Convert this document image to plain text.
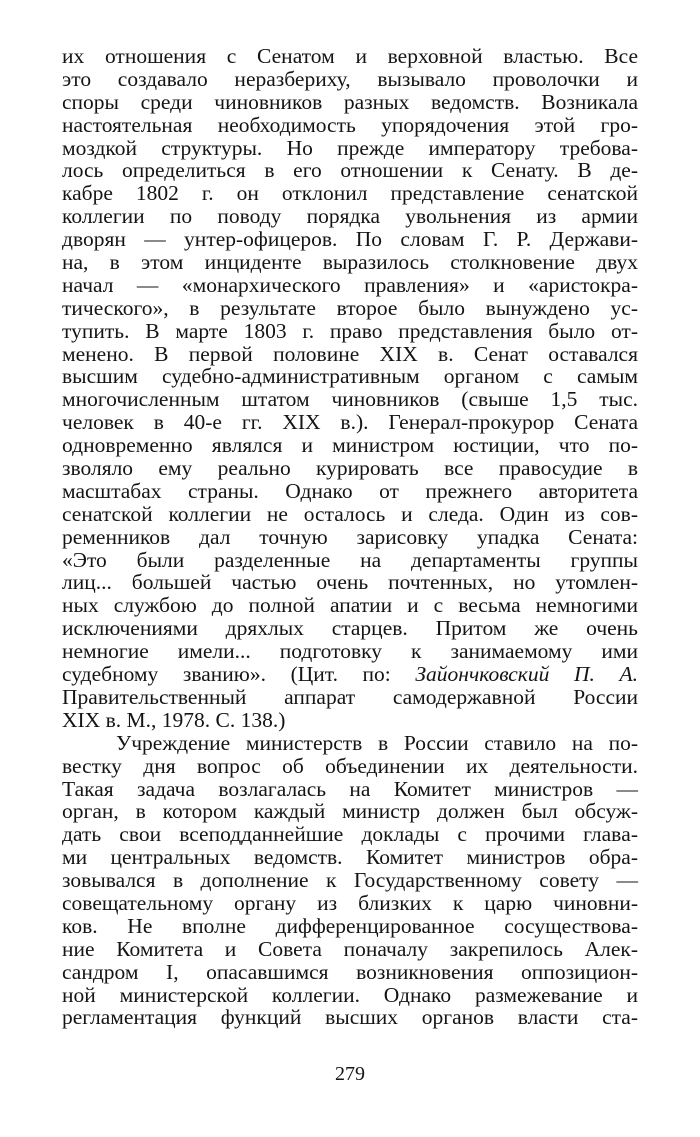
их отношения с Сенатом и верховной властью. Все
это создавало неразбериху, вызывало проволочки и
споры среди чиновников разных ведомств. Возникала
настоятельная необходимость упорядочения этой гро-
моздкой структуры. Но прежде императору требова-
лось определиться в его отношении к Сенату. В де-
кабре 1802 г. он отклонил представление сенатской
коллегии по поводу порядка увольнения из армии
дворян — унтер-офицеров. По словам Г. Р. Держави-
на, в этом инциденте выразилось столкновение двух
начал — «монархического правления» и «аристокра-
тического», в результате второе было вынуждено ус-
тупить. В марте 1803 г. право представления было от-
менено. В первой половине XIX в. Сенат оставался
высшим судебно-административным органом с самым
многочисленным штатом чиновников (свыше 1,5 тыс.
человек в 40-е гг. XIX в.). Генерал-прокурор Сената
одновременно являлся и министром юстиции, что по-
зволяло ему реально курировать все правосудие в
масштабах страны. Однако от прежнего авторитета
сенатской коллегии не осталось и следа. Один из сов-
ременников дал точную зарисовку упадка Сената:
«Это были разделенные на департаменты группы
лиц... большей частью очень почтенных, но утомлен-
ных службою до полной апатии и с весьма немногими
исключениями дряхлых старцев. Притом же очень
немногие имели... подготовку к занимаемому ими
судебному званию». (Цит. по: Зайончковский П. А.
Правительственный аппарат самодержавной России
XIX в. М., 1978. С. 138.)
Учреждение министерств в России ставило на по-
вестку дня вопрос об объединении их деятельности.
Такая задача возлагалась на Комитет министров —
орган, в котором каждый министр должен был обсуж-
дать свои всеподданнейшие доклады с прочими главa-
ми центральных ведомств. Комитет министров обра-
зовывался в дополнение к Государственному совету —
совещательному органу из близких к царю чиновни-
ков. Не вполне дифференцированное сосуществова-
ние Комитета и Совета поначалу закрепилось Алек-
сандром I, опасавшимся возникновения оппозицион-
ной министерской коллегии. Однако размежевание и
регламентация функций высших органов власти ста-
279
